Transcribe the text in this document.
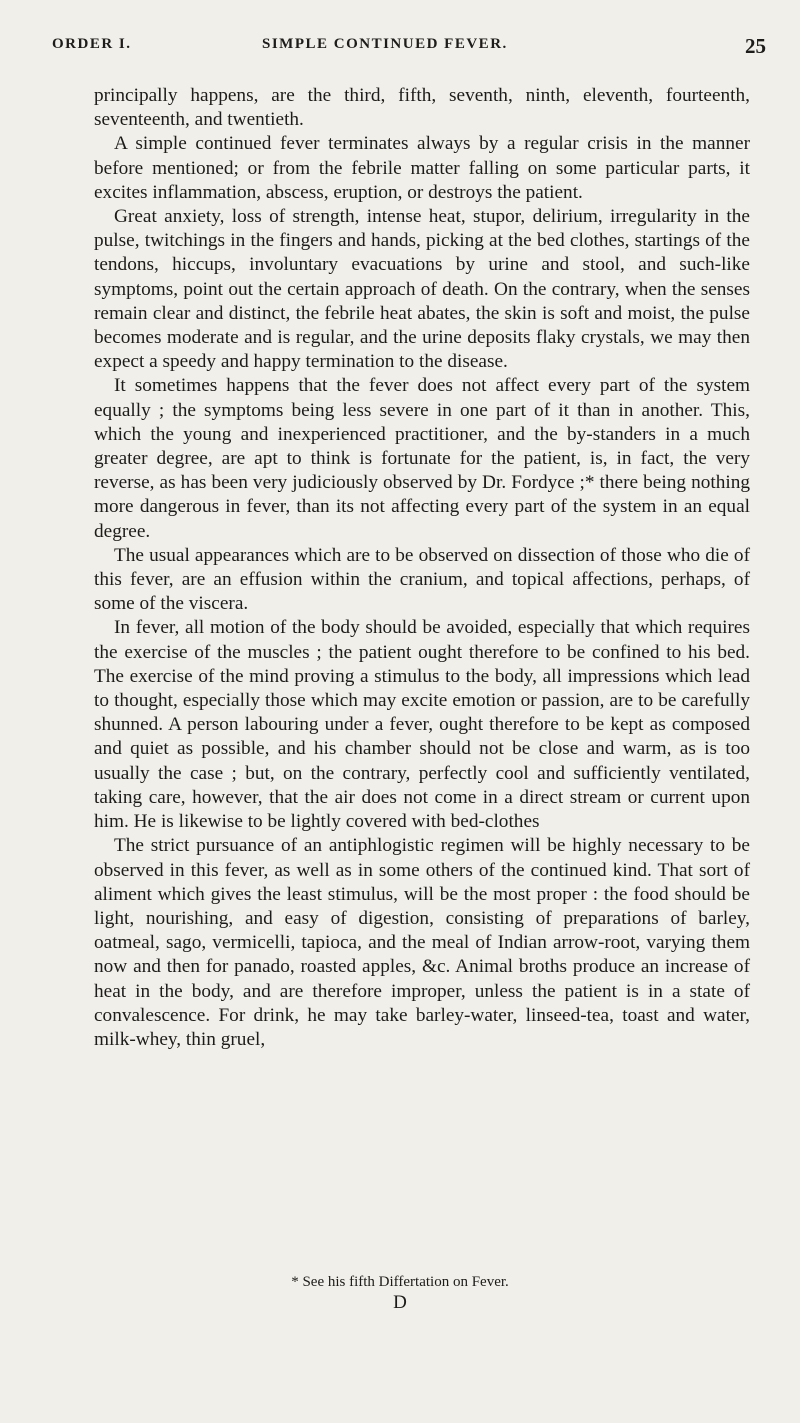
ORDER I.	SIMPLE CONTINUED FEVER.	25

principally happens, are the third, fifth, seventh, ninth, eleventh, fourteenth, seventeenth, and twentieth.

A simple continued fever terminates always by a regular crisis in the manner before mentioned; or from the febrile matter falling on some particular parts, it excites inflammation, abscess, eruption, or destroys the patient.

Great anxiety, loss of strength, intense heat, stupor, delirium, irregularity in the pulse, twitchings in the fingers and hands, picking at the bed clothes, startings of the tendons, hiccups, involuntary evacuations by urine and stool, and such-like symptoms, point out the certain approach of death. On the contrary, when the senses remain clear and distinct, the febrile heat abates, the skin is soft and moist, the pulse becomes moderate and is regular, and the urine deposits flaky crystals, we may then expect a speedy and happy termination to the disease.

It sometimes happens that the fever does not affect every part of the system equally ; the symptoms being less severe in one part of it than in another. This, which the young and inexperienced practitioner, and the by-standers in a much greater degree, are apt to think is fortunate for the patient, is, in fact, the very reverse, as has been very judiciously observed by Dr. Fordyce ;* there being nothing more dangerous in fever, than its not affecting every part of the system in an equal degree.

The usual appearances which are to be observed on dissection of those who die of this fever, are an effusion within the cranium, and topical affections, perhaps, of some of the viscera.

In fever, all motion of the body should be avoided, especially that which requires the exercise of the muscles ; the patient ought therefore to be confined to his bed. The exercise of the mind proving a stimulus to the body, all impressions which lead to thought, especially those which may excite emotion or passion, are to be carefully shunned. A person labouring under a fever, ought therefore to be kept as composed and quiet as possible, and his chamber should not be close and warm, as is too usually the case ; but, on the contrary, perfectly cool and sufficiently ventilated, taking care, however, that the air does not come in a direct stream or current upon him. He is likewise to be lightly covered with bed-clothes

The strict pursuance of an antiphlogistic regimen will be highly necessary to be observed in this fever, as well as in some others of the continued kind. That sort of aliment which gives the least stimulus, will be the most proper : the food should be light, nourishing, and easy of digestion, consisting of preparations of barley, oatmeal, sago, vermicelli, tapioca, and the meal of Indian arrow-root, varying them now and then for panado, roasted apples, &c. Animal broths produce an increase of heat in the body, and are therefore improper, unless the patient is in a state of convalescence. For drink, he may take barley-water, linseed-tea, toast and water, milk-whey, thin gruel,

* See his fifth Differtation on Fever.
D
